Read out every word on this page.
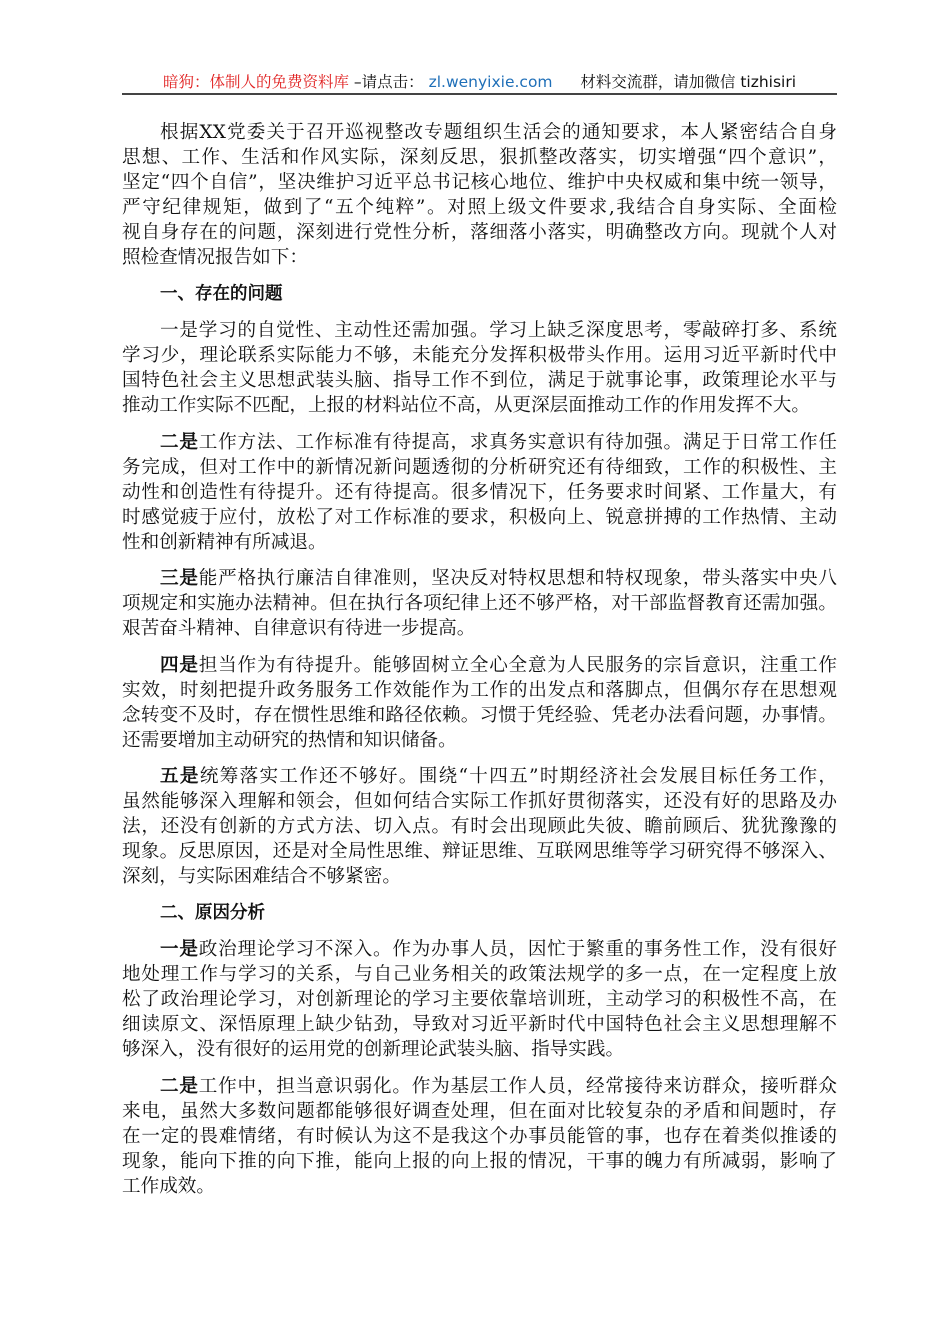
暗狗：体制人的免费资料库 –请点击： zl.wenyixie.com 材料交流群，请加微信 tizhisiri
根据XX党委关于召开巡视整改专题组织生活会的通知要求，本人紧密结合自身
思想、工作、生活和作风实际，深刻反思，狠抓整改落实，切实增强“四个意识”，
坚定“四个自信”，坚决维护习近平总书记核心地位、维护中央权威和集中统一领导，
严守纪律规矩，做到了“五个纯粹”。对照上级文件要求,我结合自身实际、全面检
视自身存在的问题，深刻进行党性分析，落细落小落实，明确整改方向。现就个人对
照检查情况报告如下：
一、存在的问题
一是学习的自觉性、主动性还需加强。学习上缺乏深度思考，零敲碎打多、系统
学习少，理论联系实际能力不够，未能充分发挥积极带头作用。运用习近平新时代中
国特色社会主义思想武装头脑、指导工作不到位，满足于就事论事，政策理论水平与
推动工作实际不匹配，上报的材料站位不高，从更深层面推动工作的作用发挥不大。
二是工作方法、工作标准有待提高，求真务实意识有待加强。满足于日常工作任
务完成，但对工作中的新情况新问题透彻的分析研究还有待细致，工作的积极性、主
动性和创造性有待提升。还有待提高。很多情况下，任务要求时间紧、工作量大，有
时感觉疲于应付，放松了对工作标准的要求，积极向上、锐意拼搏的工作热情、主动
性和创新精神有所减退。
三是能严格执行廉洁自律准则，坚决反对特权思想和特权现象，带头落实中央八
项规定和实施办法精神。但在执行各项纪律上还不够严格，对干部监督教育还需加强。
艰苦奋斗精神、自律意识有待进一步提高。
四是担当作为有待提升。能够固树立全心全意为人民服务的宗旨意识，注重工作
实效，时刻把提升政务服务工作效能作为工作的出发点和落脚点，但偶尔存在思想观
念转变不及时，存在惯性思维和路径依赖。习惯于凭经验、凭老办法看问题，办事情。
还需要增加主动研究的热情和知识储备。
五是统筹落实工作还不够好。围绕“十四五”时期经济社会发展目标任务工作，
虽然能够深入理解和领会，但如何结合实际工作抓好贯彻落实，还没有好的思路及办
法，还没有创新的方式方法、切入点。有时会出现顾此失彼、瞻前顾后、犹犹豫豫的
现象。反思原因，还是对全局性思维、辩证思维、互联网思维等学习研究得不够深入、
深刻，与实际困难结合不够紧密。
二、原因分析
一是政治理论学习不深入。作为办事人员，因忙于繁重的事务性工作，没有很好
地处理工作与学习的关系，与自己业务相关的政策法规学的多一点，在一定程度上放
松了政治理论学习，对创新理论的学习主要依靠培训班，主动学习的积极性不高，在
细读原文、深悟原理上缺少钻劲，导致对习近平新时代中国特色社会主义思想理解不
够深入，没有很好的运用党的创新理论武装头脑、指导实践。
二是工作中，担当意识弱化。作为基层工作人员，经常接待来访群众，接听群众
来电，虽然大多数问题都能够很好调查处理，但在面对比较复杂的矛盾和间题时，存
在一定的畏难情绪，有时候认为这不是我这个办事员能管的事，也存在着类似推诿的
现象，能向下推的向下推，能向上报的向上报的情况，干事的魄力有所减弱，影响了
工作成效。
